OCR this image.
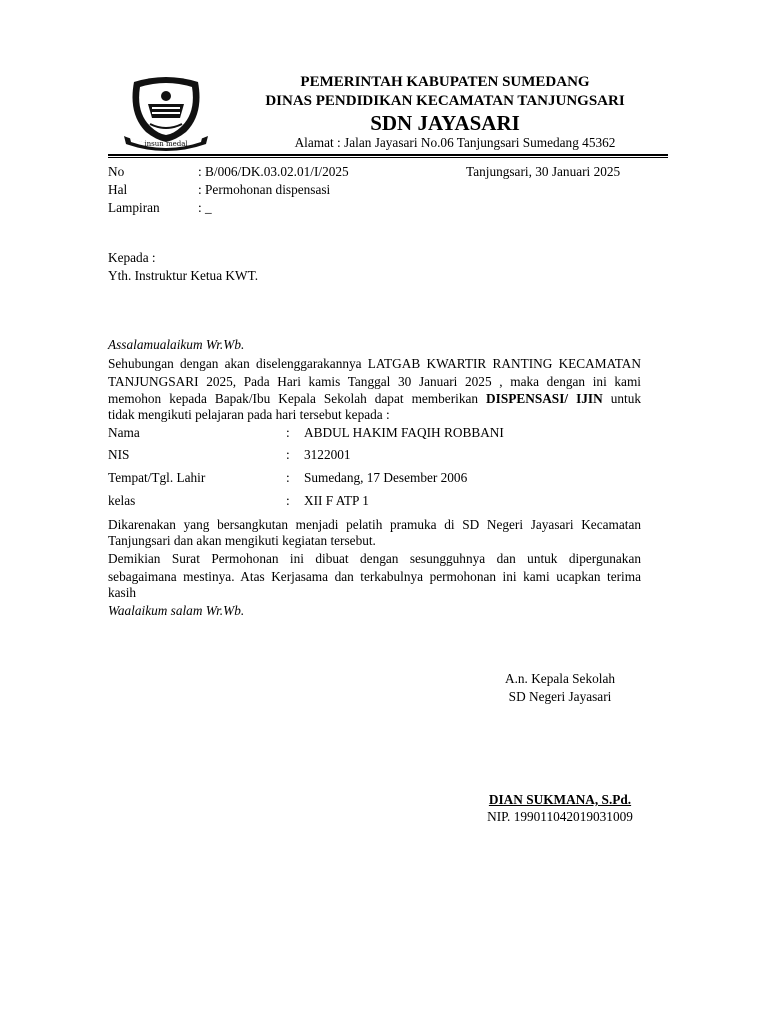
insun medal
PEMERINTAH KABUPATEN SUMEDANG
DINAS PENDIDIKAN KECAMATAN TANJUNGSARI
SDN JAYASARI
Alamat : Jalan Jayasari No.06 Tanjungsari Sumedang 45362
No	: B/006/DK.03.02.01/I/2025	Tanjungsari, 30 Januari 2025
Hal	: Permohonan dispensasi
Lampiran	: _
Kepada :
Yth. Instruktur Ketua KWT.
Assalamualaikum Wr.Wb.
Sehubungan dengan akan diselenggarakannya LATGAB KWARTIR RANTING KECAMATAN
TANJUNGSARI 2025, Pada Hari kamis Tanggal 30 Januari 2025 , maka dengan ini kami
memohon kepada Bapak/Ibu Kepala Sekolah dapat memberikan DISPENSASI/ IJIN untuk
tidak mengikuti pelajaran pada hari tersebut kepada :
Nama	: ABDUL HAKIM FAQIH ROBBANI
NIS	: 3122001
Tempat/Tgl. Lahir	: Sumedang, 17 Desember 2006
kelas	: XII F ATP 1
Dikarenakan yang bersangkutan menjadi pelatih pramuka di SD Negeri Jayasari Kecamatan
Tanjungsari dan akan mengikuti kegiatan tersebut.
Demikian Surat Permohonan ini dibuat dengan sesungguhnya dan untuk dipergunakan
sebagaimana mestinya. Atas Kerjasama dan terkabulnya permohonan ini kami ucapkan terima
kasih
Waalaikum salam Wr.Wb.
A.n. Kepala Sekolah
SD Negeri Jayasari
DIAN SUKMANA, S.Pd.
NIP. 199011042019031009
